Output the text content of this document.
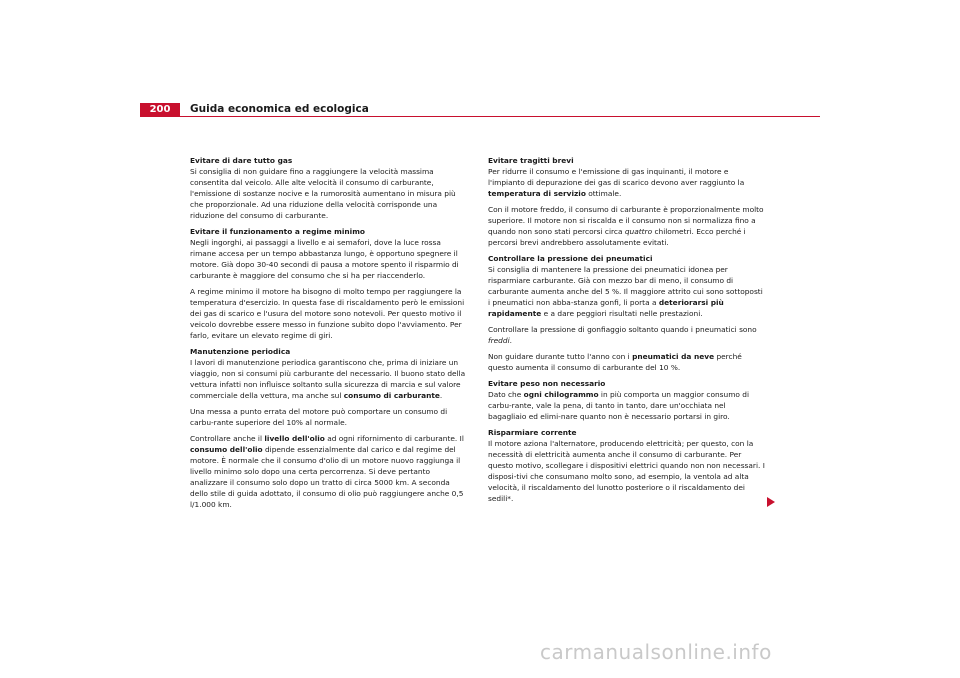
200	Guida economica ed ecologica
Evitare di dare tutto gas

Si consiglia di non guidare fino a raggiungere la velocità massima consentita dal veicolo. Alle alte velocità il consumo di carburante, l'emissione di sostanze nocive e la rumorosità aumentano in misura più che proporzionale. Ad una riduzione della velocità corrisponde una riduzione del consumo di carburante.

Evitare il funzionamento a regime minimo

Negli ingorghi, ai passaggi a livello e ai semafori, dove la luce rossa rimane accesa per un tempo abbastanza lungo, è opportuno spegnere il motore. Già dopo 30-40 secondi di pausa a motore spento il risparmio di carburante è maggiore del consumo che si ha per riaccenderlo.

A regime minimo il motore ha bisogno di molto tempo per raggiungere la temperatura d'esercizio. In questa fase di riscaldamento però le emissioni dei gas di scarico e l'usura del motore sono notevoli. Per questo motivo il veicolo dovrebbe essere messo in funzione subito dopo l'avviamento. Per farlo, evitare un elevato regime di giri.

Manutenzione periodica

I lavori di manutenzione periodica garantiscono che, prima di iniziare un viaggio, non si consumi più carburante del necessario. Il buono stato della vettura infatti non influisce soltanto sulla sicurezza di marcia e sul valore commerciale della vettura, ma anche sul consumo di carburante.

Una messa a punto errata del motore può comportare un consumo di carbu-rante superiore del 10% al normale.

Controllare anche il livello dell'olio ad ogni rifornimento di carburante. Il consumo dell'olio dipende essenzialmente dal carico e dal regime del motore. È normale che il consumo d'olio di un motore nuovo raggiunga il livello minimo solo dopo una certa percorrenza. Si deve pertanto analizzare il consumo solo dopo un tratto di circa 5000 km. A seconda dello stile di guida adottato, il consumo di olio può raggiungere anche 0,5 l/1.000 km.

Evitare tragitti brevi

Per ridurre il consumo e l'emissione di gas inquinanti, il motore e l'impianto di depurazione dei gas di scarico devono aver raggiunto la temperatura di servizio ottimale.

Con il motore freddo, il consumo di carburante è proporzionalmente molto superiore. Il motore non si riscalda e il consumo non si normalizza fino a quando non sono stati percorsi circa quattro chilometri. Ecco perché i percorsi brevi andrebbero assolutamente evitati.

Controllare la pressione dei pneumatici

Si consiglia di mantenere la pressione dei pneumatici idonea per risparmiare carburante. Già con mezzo bar di meno, il consumo di carburante aumenta anche del 5 %. Il maggiore attrito cui sono sottoposti i pneumatici non abba-stanza gonfi, li porta a deteriorarsi più rapidamente e a dare peggiori risultati nelle prestazioni.

Controllare la pressione di gonfiaggio soltanto quando i pneumatici sono freddi.

Non guidare durante tutto l'anno con i pneumatici da neve perché questo aumenta il consumo di carburante del 10 %.

Evitare peso non necessario

Dato che ogni chilogrammo in più comporta un maggior consumo di carbu-rante, vale la pena, di tanto in tanto, dare un'occhiata nel bagagliaio ed elimi-nare quanto non è necessario portarsi in giro.

Risparmiare corrente

Il motore aziona l'alternatore, producendo elettricità; per questo, con la necessità di elettricità aumenta anche il consumo di carburante. Per questo motivo, scollegare i dispositivi elettrici quando non non necessari. I disposi-tivi che consumano molto sono, ad esempio, la ventola ad alta velocità, il riscaldamento del lunotto posteriore o il riscaldamento dei sedili*.

carmanualsonline.info
